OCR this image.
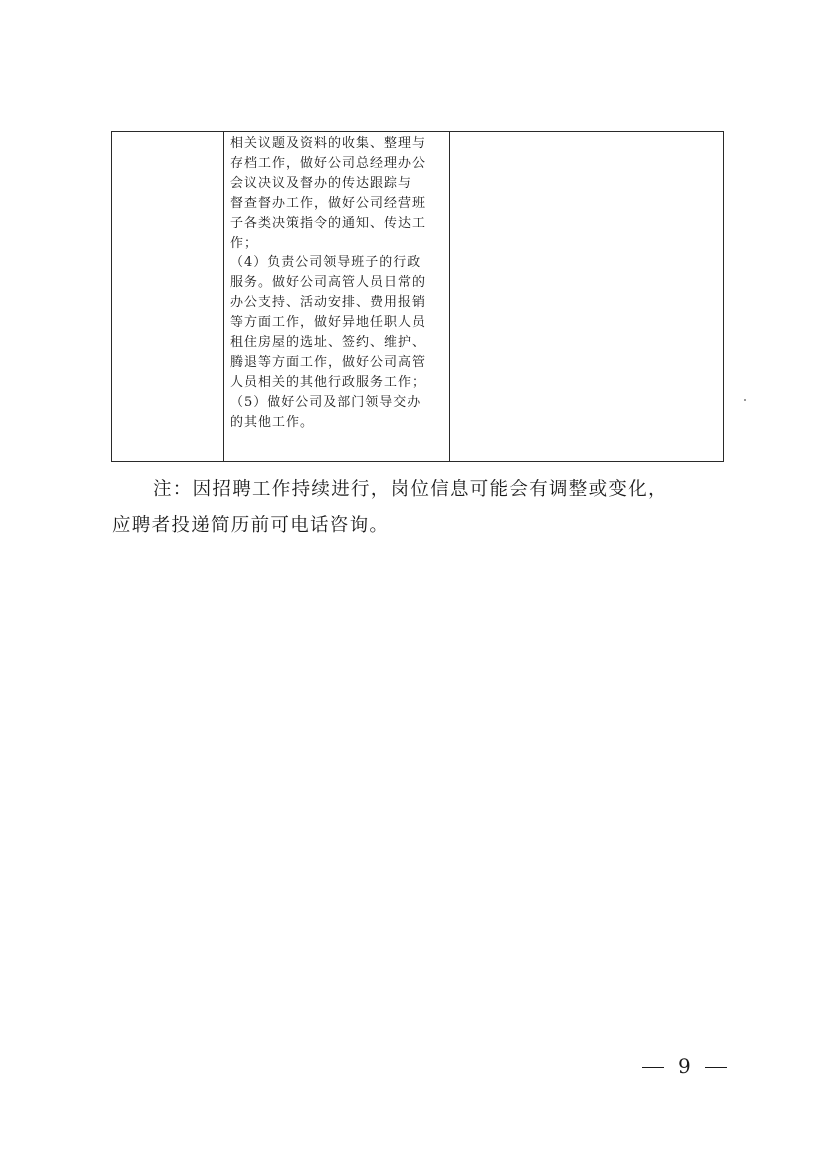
相关议题及资料的收集、整理与
存档工作，做好公司总经理办公
会议决议及督办的传达跟踪与
督查督办工作，做好公司经营班
子各类决策指令的通知、传达工
作；
（4）负责公司领导班子的行政
服务。做好公司高管人员日常的
办公支持、活动安排、费用报销
等方面工作，做好异地任职人员
租住房屋的选址、签约、维护、
腾退等方面工作，做好公司高管
人员相关的其他行政服务工作；
（5）做好公司及部门领导交办
的其他工作。

注：因招聘工作持续进行，岗位信息可能会有调整或变化，
应聘者投递简历前可电话咨询。

9
